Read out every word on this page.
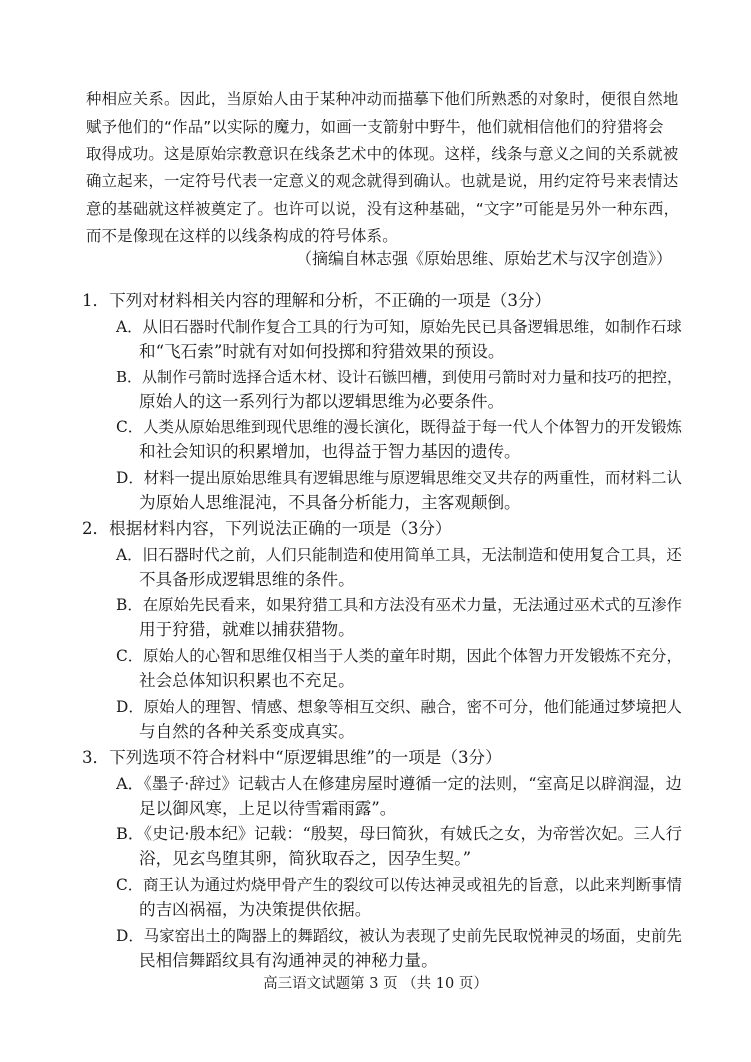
种相应关系。因此，当原始人由于某种冲动而描摹下他们所熟悉的对象时，便很自然地
赋予他们的“作品”以实际的魔力，如画一支箭射中野牛，他们就相信他们的狩猎将会
取得成功。这是原始宗教意识在线条艺术中的体现。这样，线条与意义之间的关系就被
确立起来，一定符号代表一定意义的观念就得到确认。也就是说，用约定符号来表情达
意的基础就这样被奠定了。也许可以说，没有这种基础，“文字”可能是另外一种东西，
而不是像现在这样的以线条构成的符号体系。
（摘编自林志强《原始思维、原始艺术与汉字创造》）
1．下列对材料相关内容的理解和分析，不正确的一项是（3分）
A．从旧石器时代制作复合工具的行为可知，原始先民已具备逻辑思维，如制作石球
和“飞石索”时就有对如何投掷和狩猎效果的预设。
B．从制作弓箭时选择合适木材、设计石镞凹槽，到使用弓箭时对力量和技巧的把控，
原始人的这一系列行为都以逻辑思维为必要条件。
C．人类从原始思维到现代思维的漫长演化，既得益于每一代人个体智力的开发锻炼
和社会知识的积累增加，也得益于智力基因的遗传。
D．材料一提出原始思维具有逻辑思维与原逻辑思维交叉共存的两重性，而材料二认
为原始人思维混沌，不具备分析能力，主客观颠倒。
2．根据材料内容，下列说法正确的一项是（3分）
A．旧石器时代之前，人们只能制造和使用简单工具，无法制造和使用复合工具，还
不具备形成逻辑思维的条件。
B．在原始先民看来，如果狩猎工具和方法没有巫术力量，无法通过巫术式的互渗作
用于狩猎，就难以捕获猎物。
C．原始人的心智和思维仅相当于人类的童年时期，因此个体智力开发锻炼不充分，
社会总体知识积累也不充足。
D．原始人的理智、情感、想象等相互交织、融合，密不可分，他们能通过梦境把人
与自然的各种关系变成真实。
3．下列选项不符合材料中“原逻辑思维”的一项是（3分）
A．《墨子·辞过》记载古人在修建房屋时遵循一定的法则，“室高足以辟润湿，边
足以御风寒，上足以待雪霜雨露”。
B．《史记·殷本纪》记载：“殷契，母曰简狄，有娀氏之女，为帝喾次妃。三人行
浴，见玄鸟堕其卵，简狄取吞之，因孕生契。”
C．商王认为通过灼烧甲骨产生的裂纹可以传达神灵或祖先的旨意，以此来判断事情
的吉凶祸福，为决策提供依据。
D．马家窑出土的陶器上的舞蹈纹，被认为表现了史前先民取悦神灵的场面，史前先
民相信舞蹈纹具有沟通神灵的神秘力量。
高三语文试题第 3 页 （共 10 页）
